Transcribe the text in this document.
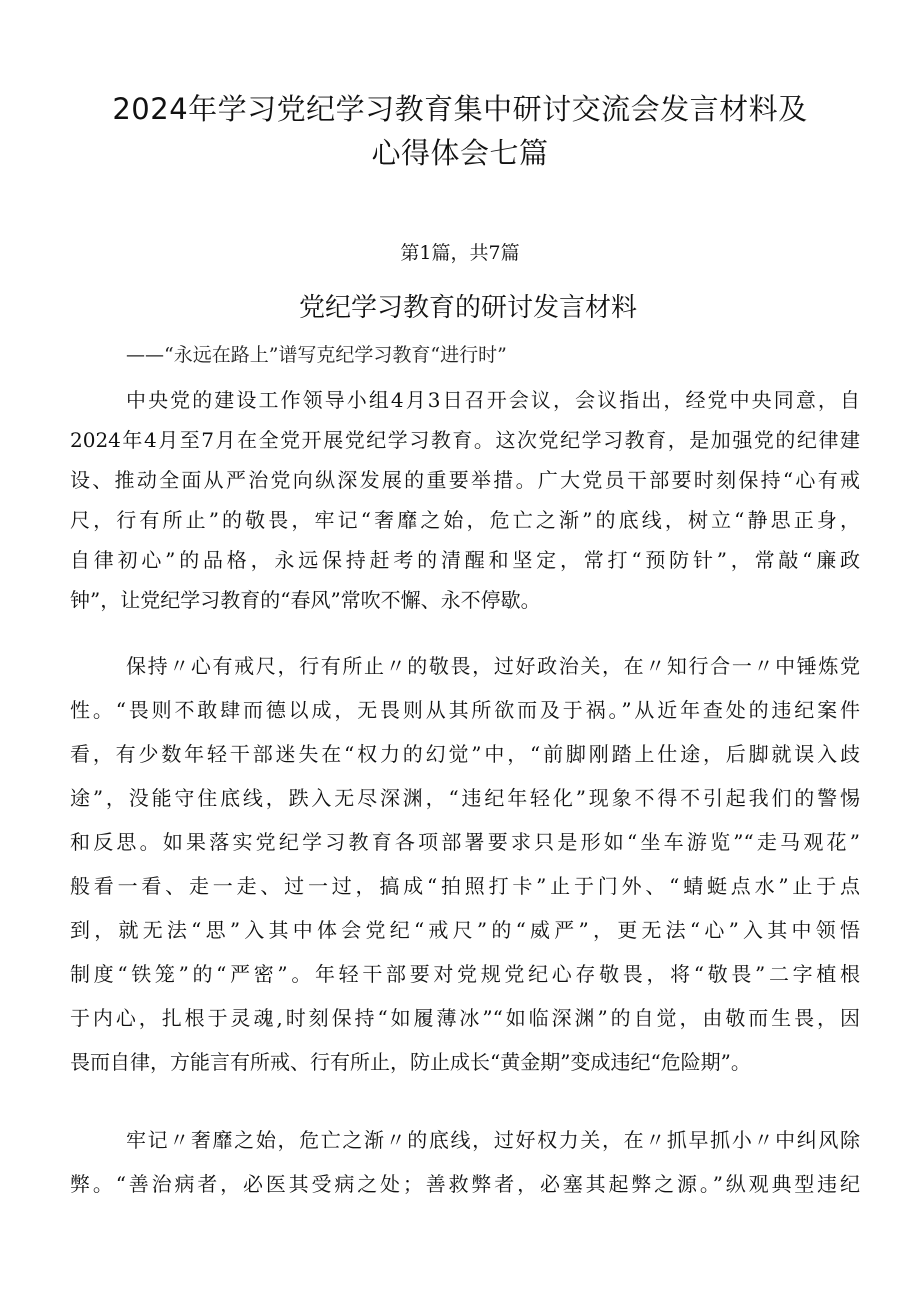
2024年学习党纪学习教育集中研讨交流会发言材料及
心得体会七篇
第1篇，共7篇
党纪学习教育的研讨发言材料
——“永远在路上”谱写克纪学习教育“进行时”
中央党的建设工作领导小组4月3日召开会议，会议指出，经党中央同意，自
2024年4月至7月在全党开展党纪学习教育。这次党纪学习教育，是加强党的纪律建
设、推动全面从严治党向纵深发展的重要举措。广大党员干部要时刻保持“心有戒
尺，行有所止”的敬畏，牢记“奢靡之始，危亡之渐”的底线，树立“静思正身，
自律初心”的品格，永远保持赶考的清醒和坚定，常打“预防针”，常敲“廉政
钟”，让党纪学习教育的“春风”常吹不懈、永不停歇。
保持〃心有戒尺，行有所止〃的敬畏，过好政治关，在〃知行合一〃中锤炼党
性。“畏则不敢肆而德以成，无畏则从其所欲而及于祸。”从近年查处的违纪案件
看，有少数年轻干部迷失在“权力的幻觉”中，“前脚刚踏上仕途，后脚就误入歧
途”，没能守住底线，跌入无尽深渊，“违纪年轻化”现象不得不引起我们的警惕
和反思。如果落实党纪学习教育各项部署要求只是形如“坐车游览”“走马观花”
般看一看、走一走、过一过，搞成“拍照打卡”止于门外、“蜻蜓点水”止于点
到，就无法“思”入其中体会党纪“戒尺”的“威严”，更无法“心”入其中领悟
制度“铁笼”的“严密”。年轻干部要对党规党纪心存敬畏，将“敬畏”二字植根
于内心，扎根于灵魂,时刻保持“如履薄冰”“如临深渊”的自觉，由敬而生畏，因
畏而自律，方能言有所戒、行有所止，防止成长“黄金期”变成违纪“危险期”。
牢记〃奢靡之始，危亡之渐〃的底线，过好权力关，在〃抓早抓小〃中纠风除
弊。“善治病者，必医其受病之处；善救弊者，必塞其起弊之源。”纵观典型违纪
